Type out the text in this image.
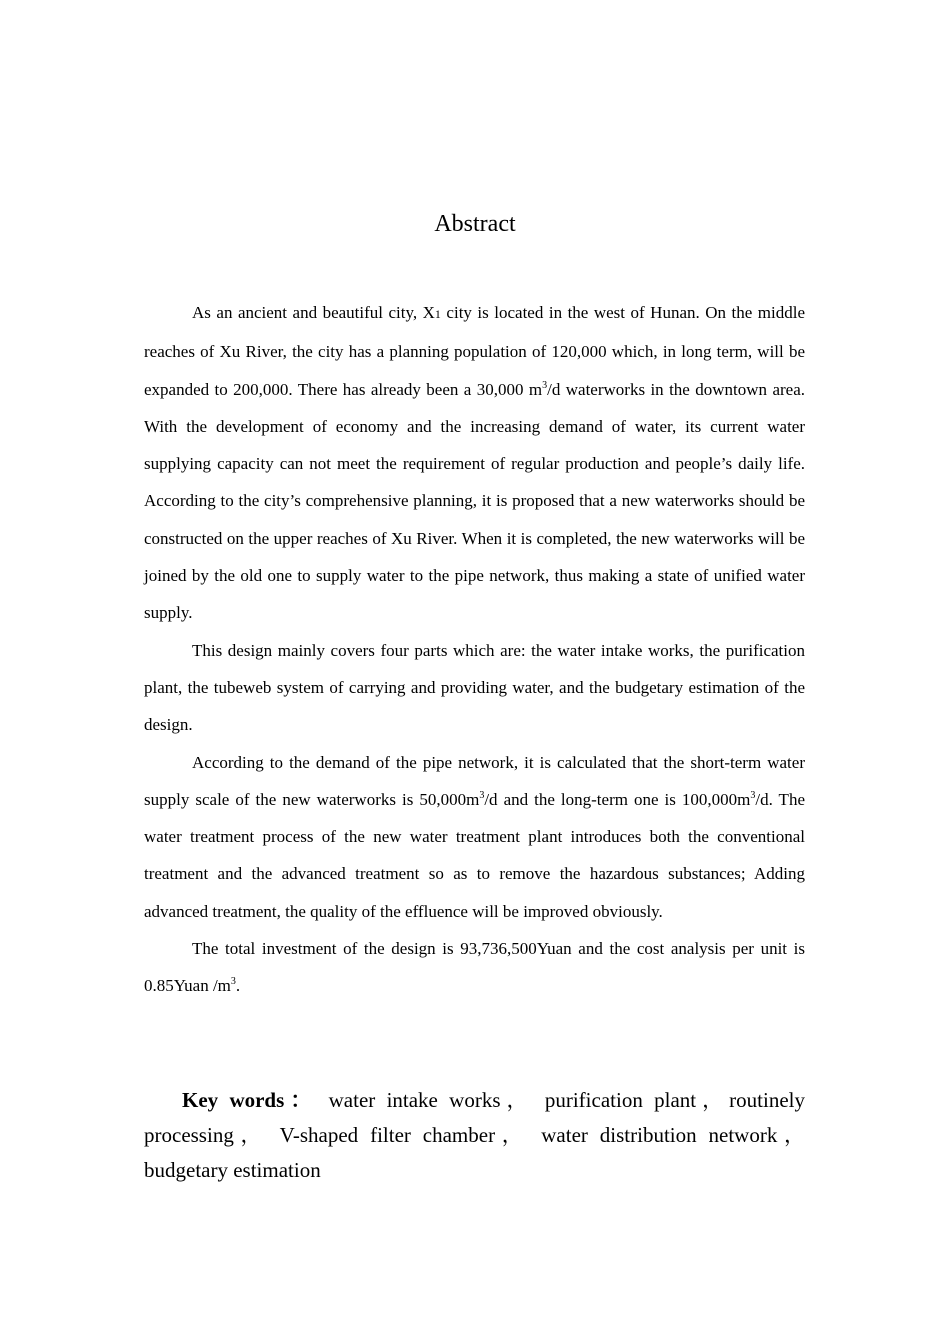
Abstract

As an ancient and beautiful city, X1 city is located in the west of Hunan. On the middle reaches of Xu River, the city has a planning population of 120,000 which, in long term, will be expanded to 200,000. There has already been a 30,000 $m^3/d$ waterworks in the downtown area. With the development of economy and the increasing demand of water, its current water supplying capacity can not meet the requirement of regular production and people’s daily life. According to the city’s comprehensive planning, it is proposed that a new waterworks should be constructed on the upper reaches of Xu River. When it is completed, the new waterworks will be joined by the old one to supply water to the pipe network, thus making a state of unified water supply.

This design mainly covers four parts which are: the water intake works, the purification plant, the tubeweb system of carrying and providing water, and the budgetary estimation of the design.

According to the demand of the pipe network, it is calculated that the short-term water supply scale of the new waterworks is $50,000m^3/d$ and the long-term one is $100,000m^3/d$. The water treatment process of the new water treatment plant introduces both the conventional treatment and the advanced treatment so as to remove the hazardous substances; Adding advanced treatment, the quality of the effluence will be improved obviously.

The total investment of the design is 93,736,500Yuan and the cost analysis per unit is 0.85Yuan $/m^3$.

Key words： water intake works， purification plant，routinely processing， V-shaped filter chamber， water distribution network， budgetary estimation
